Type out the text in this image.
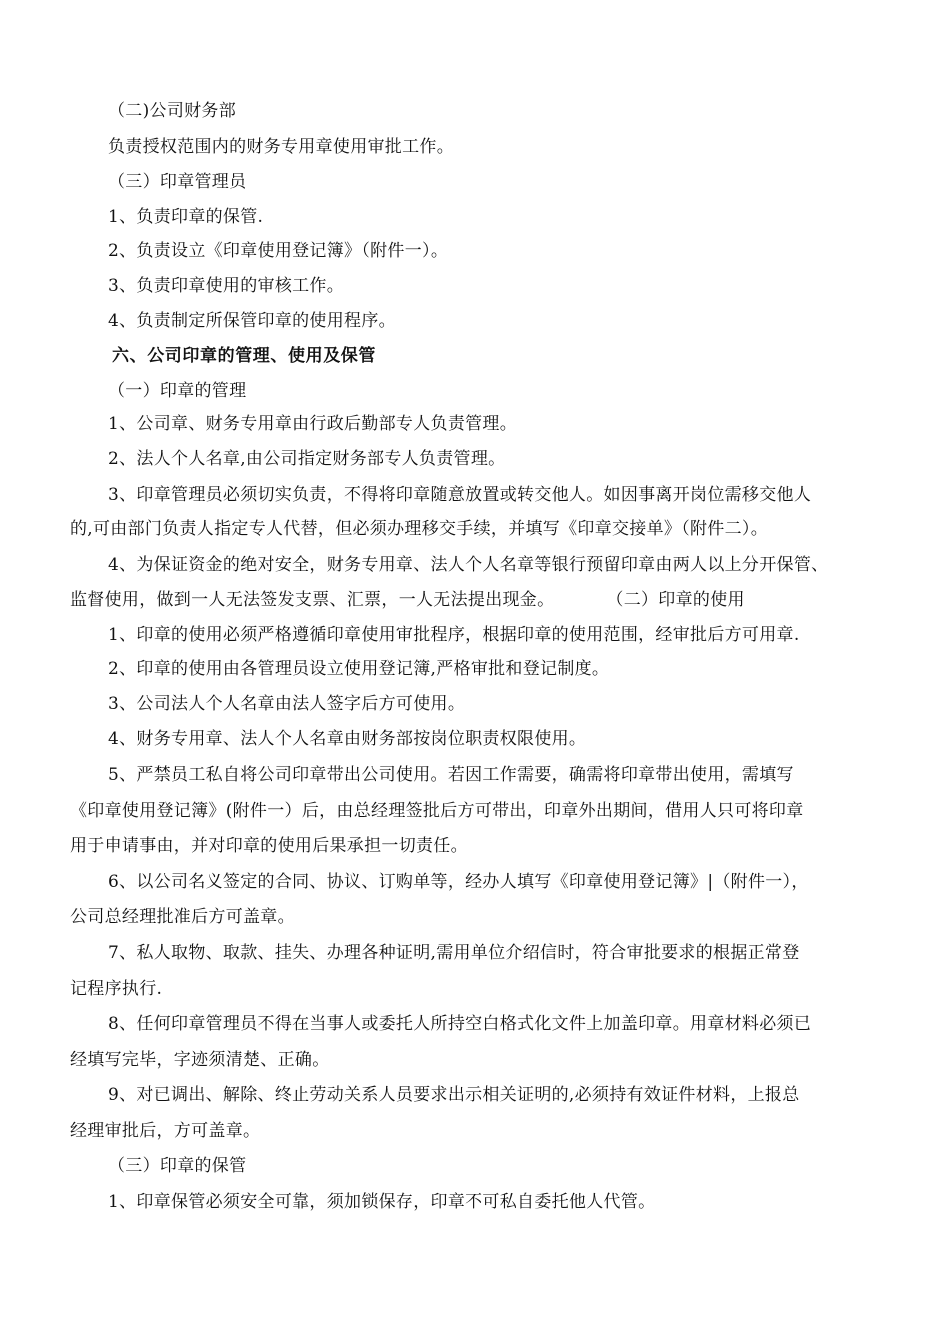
（二)公司财务部
负责授权范围内的财务专用章使用审批工作。
（三）印章管理员
1、负责印章的保管.
2、负责设立《印章使用登记簿》（附件一）。
3、负责印章使用的审核工作。
4、负责制定所保管印章的使用程序。
六、公司印章的管理、使用及保管
（一）印章的管理
1、公司章、财务专用章由行政后勤部专人负责管理。
2、法人个人名章,由公司指定财务部专人负责管理。
3、印章管理员必须切实负责，不得将印章随意放置或转交他人。如因事离开岗位需移交他人
的,可由部门负责人指定专人代替，但必须办理移交手续，并填写《印章交接单》（附件二）。
4、为保证资金的绝对安全，财务专用章、法人个人名章等银行预留印章由两人以上分开保管、
监督使用，做到一人无法签发支票、汇票，一人无法提出现金。	（二）印章的使用
1、印章的使用必须严格遵循印章使用审批程序，根据印章的使用范围，经审批后方可用章.
2、印章的使用由各管理员设立使用登记簿,严格审批和登记制度。
3、公司法人个人名章由法人签字后方可使用。
4、财务专用章、法人个人名章由财务部按岗位职责权限使用。
5、严禁员工私自将公司印章带出公司使用。若因工作需要，确需将印章带出使用，需填写
《印章使用登记簿》(附件一）后，由总经理签批后方可带出，印章外出期间，借用人只可将印章
用于申请事由，并对印章的使用后果承担一切责任。
6、以公司名义签定的合同、协议、订购单等，经办人填写《印章使用登记簿》|（附件一），
公司总经理批准后方可盖章。
7、私人取物、取款、挂失、办理各种证明,需用单位介绍信时，符合审批要求的根据正常登
记程序执行.
8、任何印章管理员不得在当事人或委托人所持空白格式化文件上加盖印章。用章材料必须已
经填写完毕，字迹须清楚、正确。
9、对已调出、解除、终止劳动关系人员要求出示相关证明的,必须持有效证件材料，上报总
经理审批后，方可盖章。
（三）印章的保管
1、印章保管必须安全可靠，须加锁保存，印章不可私自委托他人代管。
